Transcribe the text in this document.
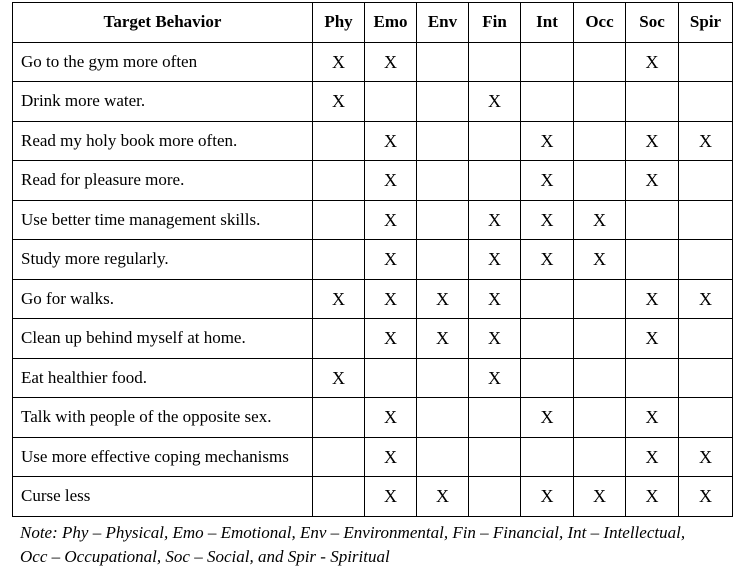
Target Behavior	Phy	Emo	Env	Fin	Int	Occ	Soc	Spir
Go to the gym more often	X	X					X	
Drink more water.	X			X				
Read my holy book more often.		X			X		X	X
Read for pleasure more.		X			X		X	
Use better time management skills.		X		X	X	X		
Study more regularly.		X		X	X	X		
Go for walks.	X	X	X	X			X	X
Clean up behind myself at home.		X	X	X			X	
Eat healthier food.	X			X				
Talk with people of the opposite sex.		X			X		X	
Use more effective coping mechanisms		X					X	X
Curse less		X	X		X	X	X	X
Note: Phy – Physical, Emo – Emotional, Env – Environmental, Fin – Financial, Int – Intellectual, Occ – Occupational, Soc – Social, and Spir - Spiritual
